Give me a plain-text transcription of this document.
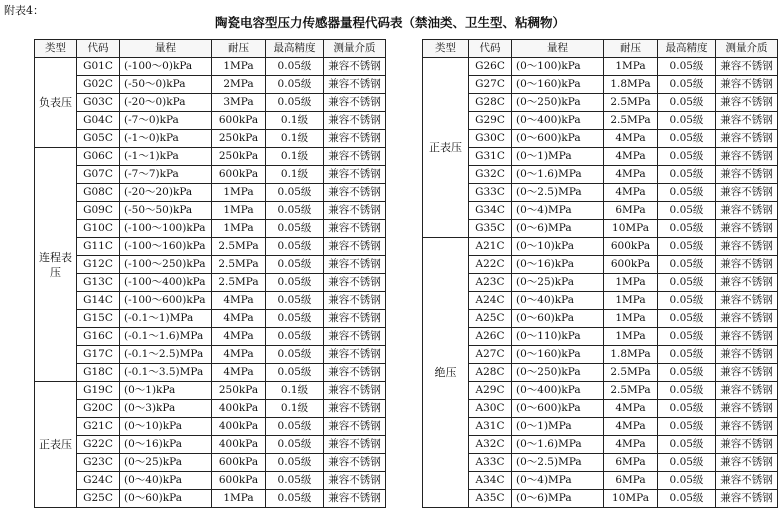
附表4：
陶瓷电容型压力传感器量程代码表（禁油类、卫生型、粘稠物）
类型	代码	量程	耐压	最高精度	测量介质
负表压	G01C	(-100～0)kPa	1MPa	0.05级	兼容不锈钢
	G02C	(-50～0)kPa	2MPa	0.05级	兼容不锈钢
	G03C	(-20～0)kPa	3MPa	0.05级	兼容不锈钢
	G04C	(-7～0)kPa	600kPa	0.1级	兼容不锈钢
	G05C	(-1～0)kPa	250kPa	0.1级	兼容不锈钢
连程表压	G06C	(-1～1)kPa	250kPa	0.1级	兼容不锈钢
	G07C	(-7～7)kPa	600kPa	0.1级	兼容不锈钢
	G08C	(-20～20)kPa	1MPa	0.05级	兼容不锈钢
	G09C	(-50～50)kPa	1MPa	0.05级	兼容不锈钢
	G10C	(-100～100)kPa	1MPa	0.05级	兼容不锈钢
	G11C	(-100～160)kPa	2.5MPa	0.05级	兼容不锈钢
	G12C	(-100～250)kPa	2.5MPa	0.05级	兼容不锈钢
	G13C	(-100～400)kPa	2.5MPa	0.05级	兼容不锈钢
	G14C	(-100～600)kPa	4MPa	0.05级	兼容不锈钢
	G15C	(-0.1～1)MPa	4MPa	0.05级	兼容不锈钢
	G16C	(-0.1～1.6)MPa	4MPa	0.05级	兼容不锈钢
	G17C	(-0.1～2.5)MPa	4MPa	0.05级	兼容不锈钢
	G18C	(-0.1～3.5)MPa	4MPa	0.05级	兼容不锈钢
正表压	G19C	(0～1)kPa	250kPa	0.1级	兼容不锈钢
	G20C	(0～3)kPa	400kPa	0.1级	兼容不锈钢
	G21C	(0～10)kPa	400kPa	0.05级	兼容不锈钢
	G22C	(0～16)kPa	400kPa	0.05级	兼容不锈钢
	G23C	(0～25)kPa	600kPa	0.05级	兼容不锈钢
	G24C	(0～40)kPa	600kPa	0.05级	兼容不锈钢
	G25C	(0～60)kPa	1MPa	0.05级	兼容不锈钢
类型	代码	量程	耐压	最高精度	测量介质
正表压	G26C	(0～100)kPa	1MPa	0.05级	兼容不锈钢
	G27C	(0～160)kPa	1.8MPa	0.05级	兼容不锈钢
	G28C	(0～250)kPa	2.5MPa	0.05级	兼容不锈钢
	G29C	(0～400)kPa	2.5MPa	0.05级	兼容不锈钢
	G30C	(0～600)kPa	4MPa	0.05级	兼容不锈钢
	G31C	(0～1)MPa	4MPa	0.05级	兼容不锈钢
	G32C	(0～1.6)MPa	4MPa	0.05级	兼容不锈钢
	G33C	(0～2.5)MPa	4MPa	0.05级	兼容不锈钢
	G34C	(0～4)MPa	6MPa	0.05级	兼容不锈钢
	G35C	(0～6)MPa	10MPa	0.05级	兼容不锈钢
绝压	A21C	(0～10)kPa	600kPa	0.05级	兼容不锈钢
	A22C	(0～16)kPa	600kPa	0.05级	兼容不锈钢
	A23C	(0～25)kPa	1MPa	0.05级	兼容不锈钢
	A24C	(0～40)kPa	1MPa	0.05级	兼容不锈钢
	A25C	(0～60)kPa	1MPa	0.05级	兼容不锈钢
	A26C	(0～110)kPa	1MPa	0.05级	兼容不锈钢
	A27C	(0～160)kPa	1.8MPa	0.05级	兼容不锈钢
	A28C	(0～250)kPa	2.5MPa	0.05级	兼容不锈钢
	A29C	(0～400)kPa	2.5MPa	0.05级	兼容不锈钢
	A30C	(0～600)kPa	4MPa	0.05级	兼容不锈钢
	A31C	(0～1)MPa	4MPa	0.05级	兼容不锈钢
	A32C	(0～1.6)MPa	4MPa	0.05级	兼容不锈钢
	A33C	(0～2.5)MPa	6MPa	0.05级	兼容不锈钢
	A34C	(0～4)MPa	6MPa	0.05级	兼容不锈钢
	A35C	(0～6)MPa	10MPa	0.05级	兼容不锈钢
